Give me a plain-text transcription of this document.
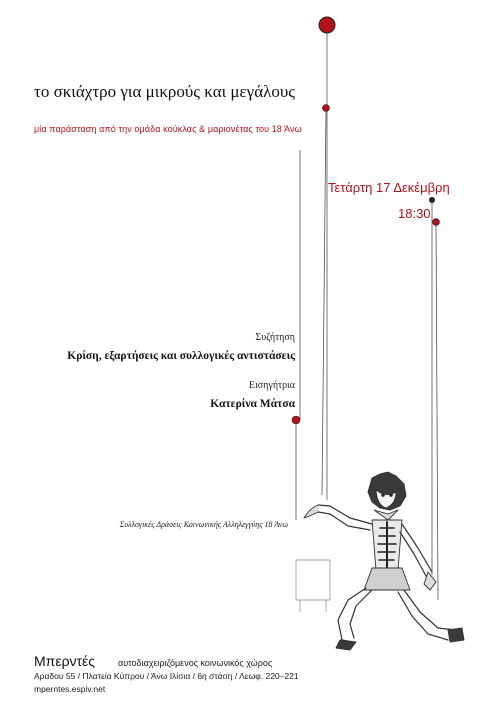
το σκιάχτρο για μικρούς και μεγάλους
μία παράσταση από την ομάδα κούκλας & μαριονέτας του 18 Άνω
Τετάρτη 17 Δεκέμβρη
18:30
Συζήτηση
Κρίση, εξαρτήσεις και συλλογικές αντιστάσεις
Εισηγήτρια
Κατερίνα Μάτσα
Συλλογικές Δράσεις Κοινωνικής Αλληλεγγύης 18 Άνω
Μπερντές	αυτοδιαχειριζόμενος κοινωνικός χώρος
Αραδου 55 / Πλατεία Κύπρου / Άνω Ιλίσια / 6η στάση / Λεωφ. 220–221
mperntes.espiv.net
